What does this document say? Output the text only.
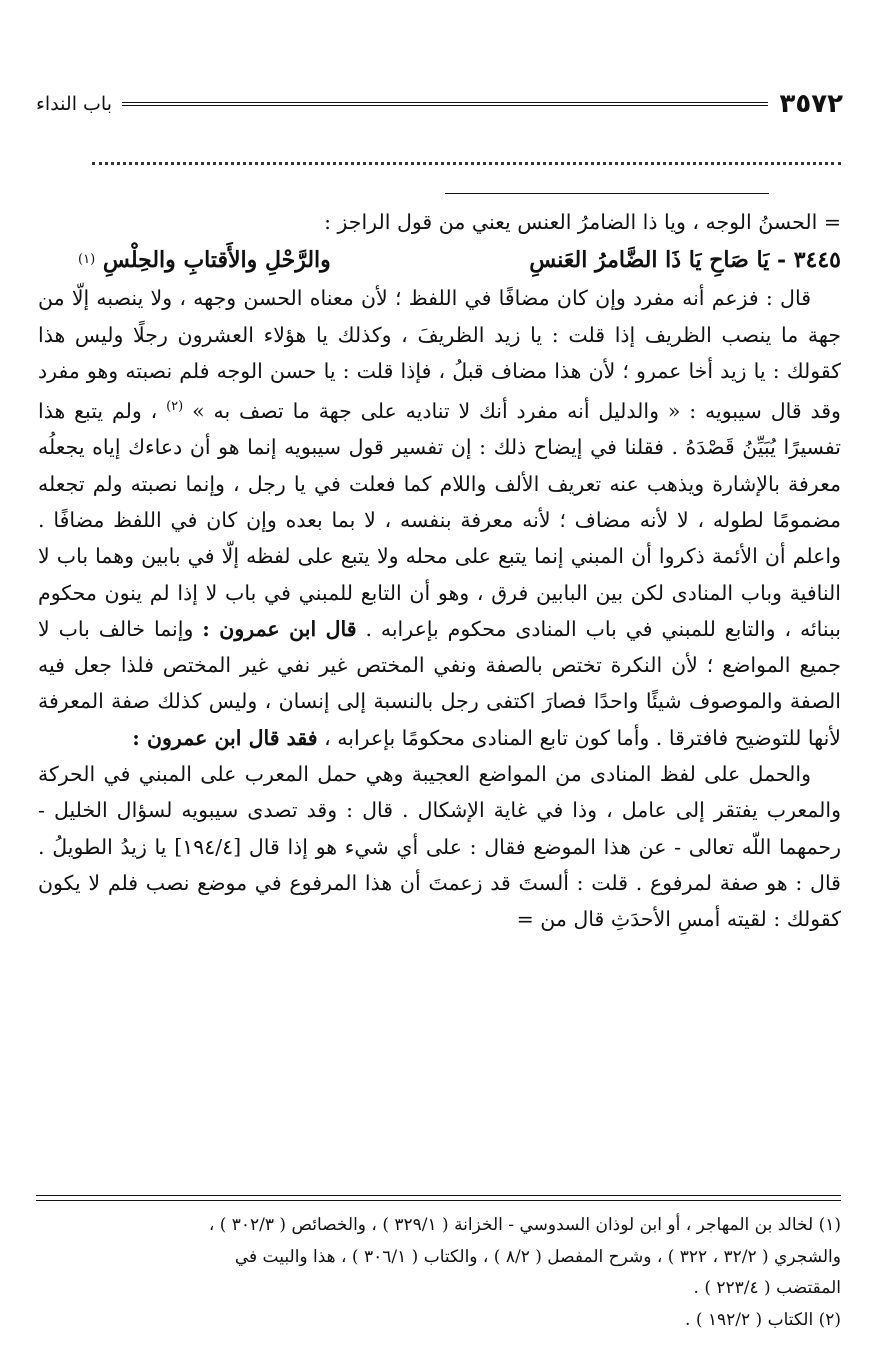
٣٥٧٢
باب النداء

= الحسنُ الوجه ، ويا ذا الضامرُ العنس يعني من قول الراجز :

٣٤٤٥ - يَا صَاحِ يَا ذَا الضَّامرُ العَنسِ
والرَّحْلِ والأَقتابِ والحِلْسِ $^{(١)}$

قال : فزعم أنه مفرد وإن كان مضافًا في اللفظ ؛ لأن معناه الحسن وجهه ، ولا ينصبه إلّا من جهة ما ينصب الظريف إذا قلت : يا زيد الظريفَ ، وكذلك يا هؤلاء العشرون رجلًا وليس هذا كقولك : يا زيد أخا عمرو ؛ لأن هذا مضاف قبلُ ، فإذا قلت : يا حسن الوجه فلم نصبته وهو مفرد وقد قال سيبويه : « والدليل أنه مفرد أنك لا تناديه على جهة ما تصف به » $^{(٢)}$ ، ولم يتبع هذا تفسيرًا يُبَيِّنُ قَصْدَهُ . فقلنا في إيضاح ذلك : إن تفسير قول سيبويه إنما هو أن دعاءك إياه يجعلُه معرفة بالإشارة ويذهب عنه تعريف الألف واللام كما فعلت في يا رجل ، وإنما نصبته ولم تجعله مضمومًا لطوله ، لا لأنه مضاف ؛ لأنه معرفة بنفسه ، لا بما بعده وإن كان في اللفظ مضافًا . واعلم أن الأئمة ذكروا أن المبني إنما يتبع على محله ولا يتبع على لفظه إلّا في بابين وهما باب لا النافية وباب المنادى لكن بين البابين فرق ، وهو أن التابع للمبني في باب لا إذا لم ينون محكوم ببنائه ، والتابع للمبني في باب المنادى محكوم بإعرابه . قال ابن عمرون : وإنما خالف باب لا جميع المواضع ؛ لأن النكرة تختص بالصفة ونفي المختص غير نفي غير المختص فلذا جعل فيه الصفة والموصوف شيئًا واحدًا فصارَ اكتفى رجل بالنسبة إلى إنسان ، وليس كذلك صفة المعرفة لأنها للتوضيح فافترقا . وأما كون تابع المنادى محكومًا بإعرابه ، فقد قال ابن عمرون :

والحمل على لفظ المنادى من المواضع العجيبة وهي حمل المعرب على المبني في الحركة والمعرب يفتقر إلى عامل ، وذا في غاية الإشكال . قال : وقد تصدى سيبويه لسؤال الخليل - رحمهما اللّه تعالى - عن هذا الموضع فقال : على أي شيء هو إذا قال [١٩٤/٤] يا زيدُ الطويلُ . قال : هو صفة لمرفوع . قلت : ألستَ قد زعمتَ أن هذا المرفوع في موضع نصب فلم لا يكون كقولك : لقيته أمسِ الأحدَثِ قال من =

(١) لخالد بن المهاجر ، أو ابن لوذان السدوسي - الخزانة ( ٣٢٩/١ ) ، والخصائص ( ٣٠٢/٣ ) ،

والشجري ( ٣٢/٢ ، ٣٢٢ ) ، وشرح المفصل ( ٨/٢ ) ، والكتاب ( ٣٠٦/١ ) ، هذا والبيت في

المقتضب ( ٢٢٣/٤ ) .

(٢) الكتاب ( ١٩٢/٢ ) .
